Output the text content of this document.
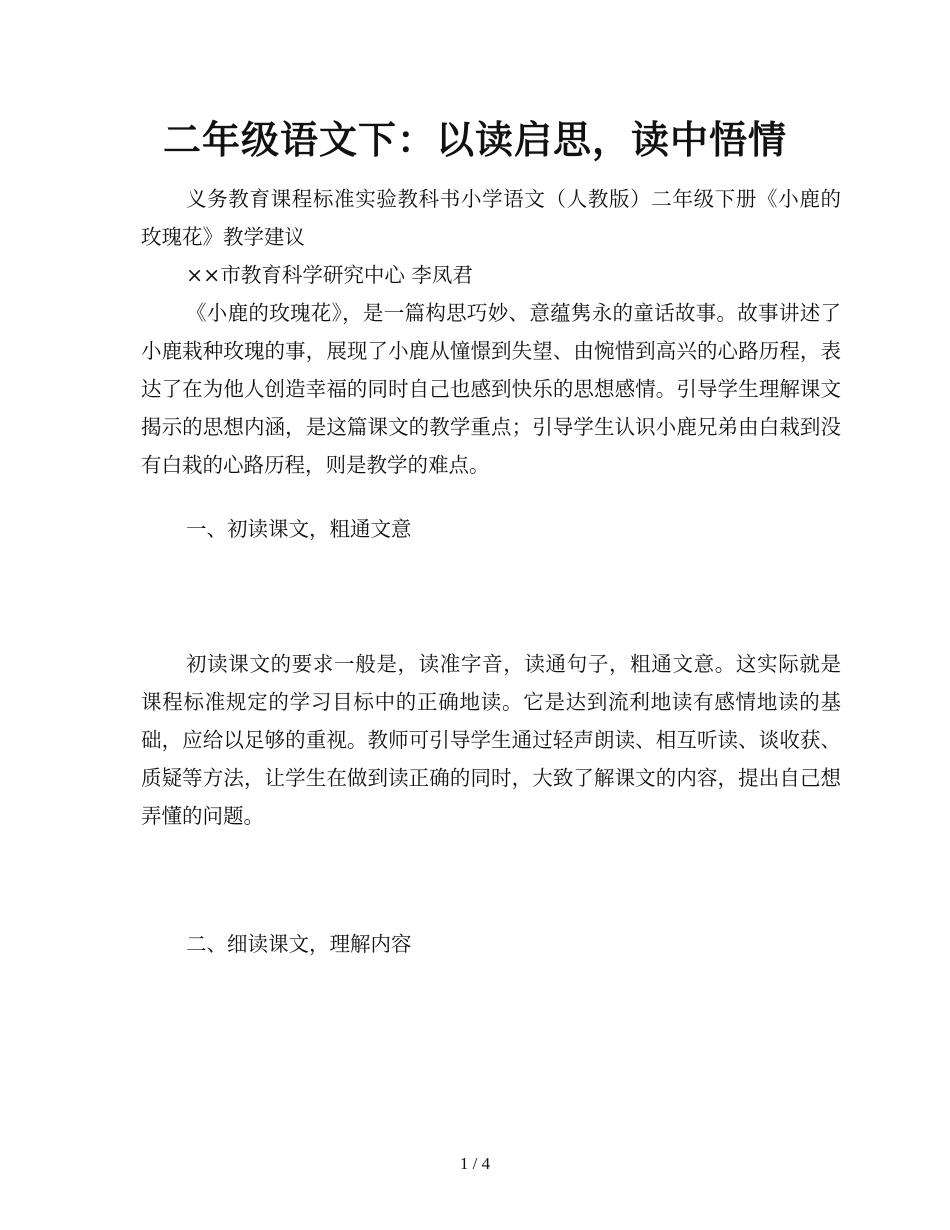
二年级语文下：以读启思，读中悟情

义务教育课程标准实验教科书小学语文（人教版）二年级下册《小鹿的玫瑰花》教学建议

××市教育科学研究中心 李凤君

《小鹿的玫瑰花》，是一篇构思巧妙、意蕴隽永的童话故事。故事讲述了小鹿栽种玫瑰的事，展现了小鹿从憧憬到失望、由惋惜到高兴的心路历程，表达了在为他人创造幸福的同时自己也感到快乐的思想感情。引导学生理解课文揭示的思想内涵，是这篇课文的教学重点；引导学生认识小鹿兄弟由白栽到没有白栽的心路历程，则是教学的难点。

一、初读课文，粗通文意

初读课文的要求一般是，读准字音，读通句子，粗通文意。这实际就是课程标准规定的学习目标中的正确地读。它是达到流利地读有感情地读的基础，应给以足够的重视。教师可引导学生通过轻声朗读、相互听读、谈收获、质疑等方法，让学生在做到读正确的同时，大致了解课文的内容，提出自己想弄懂的问题。

二、细读课文，理解内容

1 / 4
